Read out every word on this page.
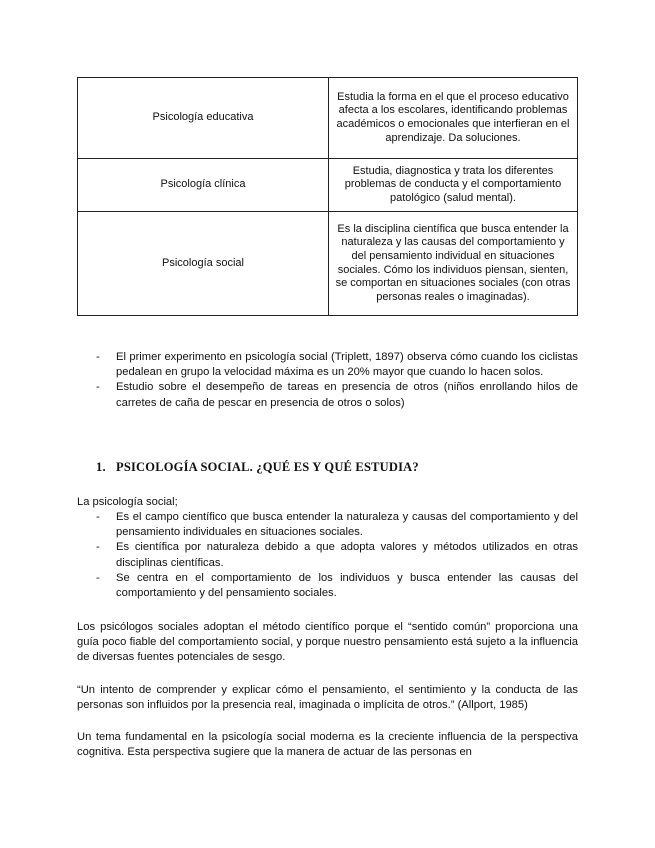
Psicología educativa	Estudia la forma en el que el proceso educativo afecta a los escolares, identificando problemas académicos o emocionales que interfieran en el aprendizaje. Da soluciones.
Psicología clínica	Estudia, diagnostica y trata los diferentes problemas de conducta y el comportamiento patológico (salud mental).
Psicología social	Es la disciplina científica que busca entender la naturaleza y las causas del comportamiento y del pensamiento individual en situaciones sociales. Cómo los individuos piensan, sienten, se comportan en situaciones sociales (con otras personas reales o imaginadas).
- El primer experimento en psicología social (Triplett, 1897) observa cómo cuando los ciclistas pedalean en grupo la velocidad máxima es un 20% mayor que cuando lo hacen solos.
- Estudio sobre el desempeño de tareas en presencia de otros (niños enrollando hilos de carretes de caña de pescar en presencia de otros o solos)
1. PSICOLOGÍA SOCIAL. ¿QUÉ ES Y QUÉ ESTUDIA?

La psicología social;

- Es el campo científico que busca entender la naturaleza y causas del comportamiento y del pensamiento individuales en situaciones sociales.
- Es científica por naturaleza debido a que adopta valores y métodos utilizados en otras disciplinas científicas.
- Se centra en el comportamiento de los individuos y busca entender las causas del comportamiento y del pensamiento sociales.

Los psicólogos sociales adoptan el método científico porque el “sentido común” proporciona una guía poco fiable del comportamiento social, y porque nuestro pensamiento está sujeto a la influencia de diversas fuentes potenciales de sesgo.

“Un intento de comprender y explicar cómo el pensamiento, el sentimiento y la conducta de las personas son influidos por la presencia real, imaginada o implícita de otros.” (Allport, 1985)

Un tema fundamental en la psicología social moderna es la creciente influencia de la perspectiva cognitiva. Esta perspectiva sugiere que la manera de actuar de las personas en
